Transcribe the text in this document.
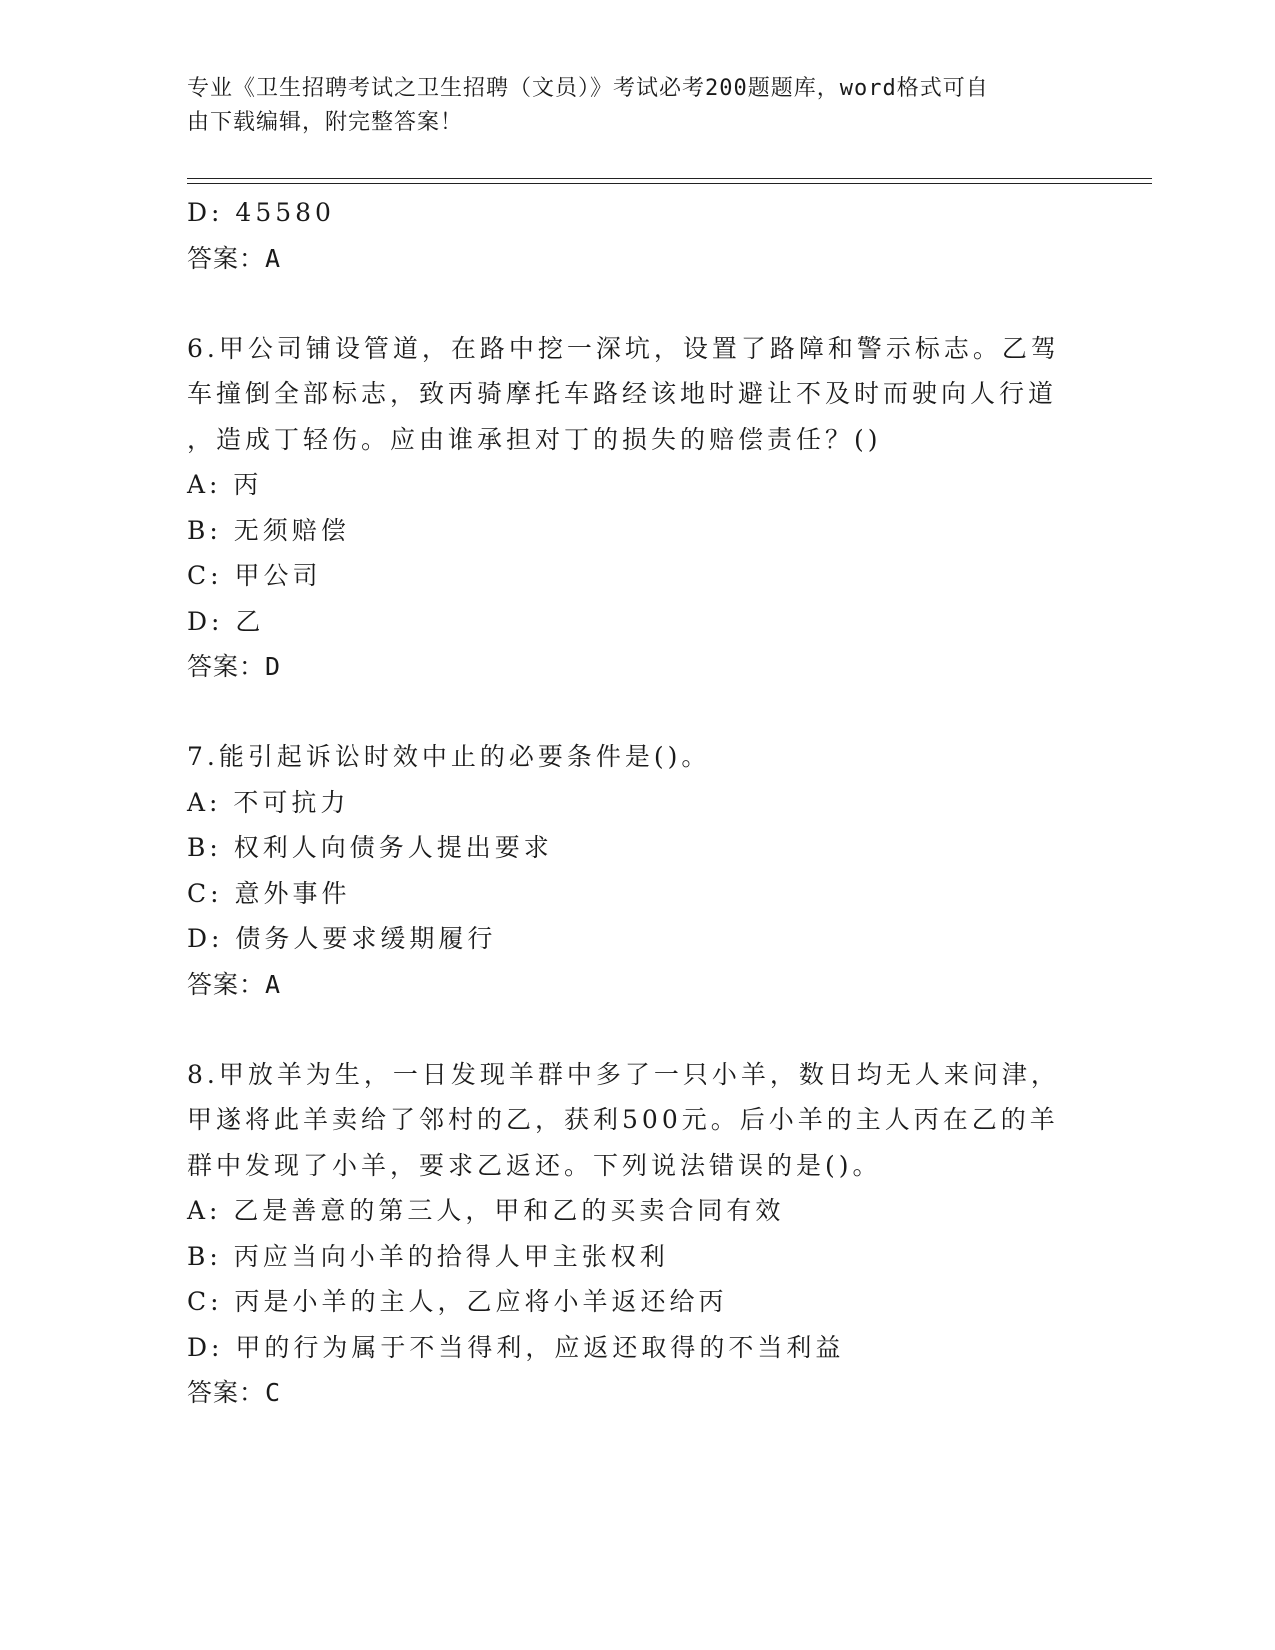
专业《卫生招聘考试之卫生招聘（文员）》考试必考200题题库，word格式可自
由下载编辑，附完整答案！
D: 45580
答案：A
6.甲公司铺设管道，在路中挖一深坑，设置了路障和警示标志。乙驾
车撞倒全部标志，致丙骑摩托车路经该地时避让不及时而驶向人行道
，造成丁轻伤。应由谁承担对丁的损失的赔偿责任？()
A: 丙
B: 无须赔偿
C: 甲公司
D: 乙
答案：D
7.能引起诉讼时效中止的必要条件是()。
A: 不可抗力
B: 权利人向债务人提出要求
C: 意外事件
D: 债务人要求缓期履行
答案：A
8.甲放羊为生，一日发现羊群中多了一只小羊，数日均无人来问津，
甲遂将此羊卖给了邻村的乙，获利500元。后小羊的主人丙在乙的羊
群中发现了小羊，要求乙返还。下列说法错误的是()。
A: 乙是善意的第三人，甲和乙的买卖合同有效
B: 丙应当向小羊的拾得人甲主张权利
C: 丙是小羊的主人，乙应将小羊返还给丙
D: 甲的行为属于不当得利，应返还取得的不当利益
答案：C
